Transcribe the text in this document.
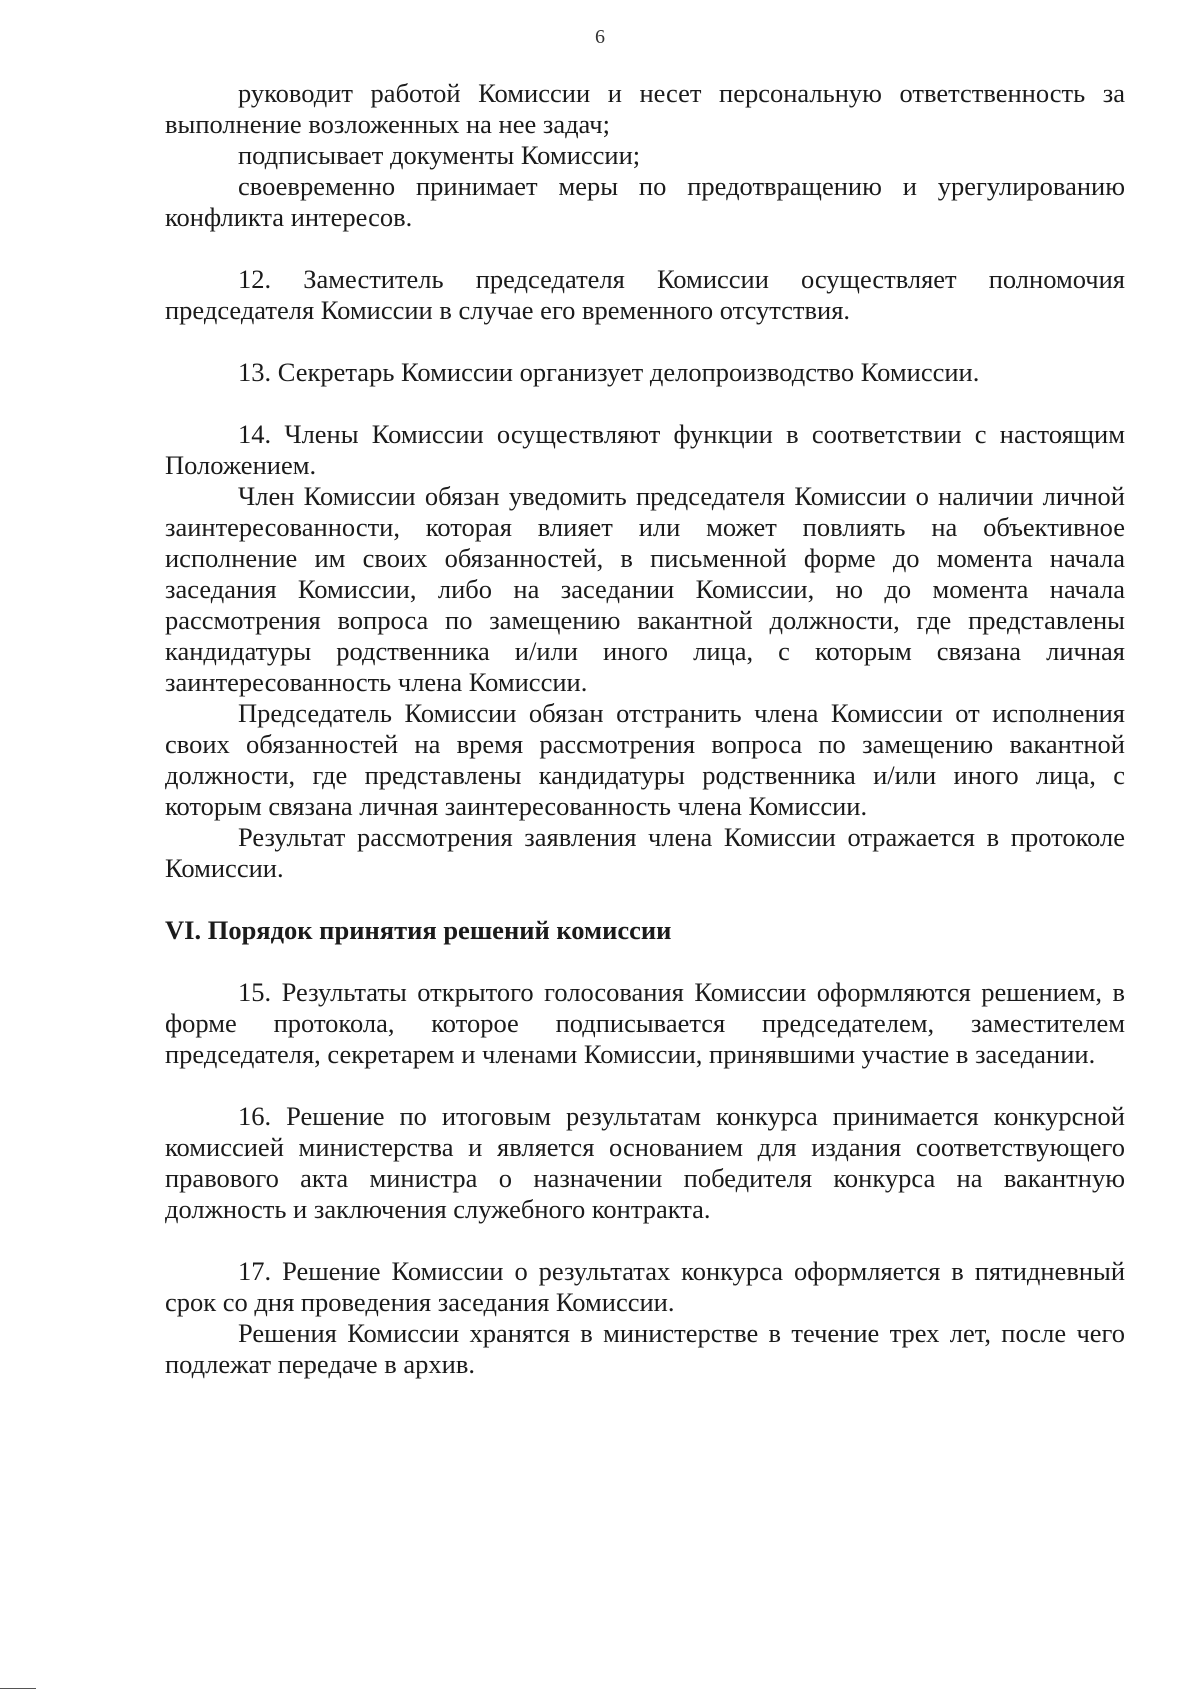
6

руководит работой Комиссии и несет персональную ответственность за выполнение возложенных на нее задач;

подписывает документы Комиссии;

своевременно принимает меры по предотвращению и урегулированию конфликта интересов.

12. Заместитель председателя Комиссии осуществляет полномочия председателя Комиссии в случае его временного отсутствия.

13. Секретарь Комиссии организует делопроизводство Комиссии.

14. Члены Комиссии осуществляют функции в соответствии с настоящим Положением.

Член Комиссии обязан уведомить председателя Комиссии о наличии личной заинтересованности, которая влияет или может повлиять на объективное исполнение им своих обязанностей, в письменной форме до момента начала заседания Комиссии, либо на заседании Комиссии, но до момента начала рассмотрения вопроса по замещению вакантной должности, где представлены кандидатуры родственника и/или иного лица, с которым связана личная заинтересованность члена Комиссии.

Председатель Комиссии обязан отстранить члена Комиссии от исполнения своих обязанностей на время рассмотрения вопроса по замещению вакантной должности, где представлены кандидатуры родственника и/или иного лица, с которым связана личная заинтересованность члена Комиссии.

Результат рассмотрения заявления члена Комиссии отражается в протоколе Комиссии.

VI. Порядок принятия решений комиссии

15. Результаты открытого голосования Комиссии оформляются решением, в форме протокола, которое подписывается председателем, заместителем председателя, секретарем и членами Комиссии, принявшими участие в заседании.

16. Решение по итоговым результатам конкурса принимается конкурсной комиссией министерства и является основанием для издания соответствующего правового акта министра о назначении победителя конкурса на вакантную должность и заключения служебного контракта.

17. Решение Комиссии о результатах конкурса оформляется в пятидневный срок со дня проведения заседания Комиссии.

Решения Комиссии хранятся в министерстве в течение трех лет, после чего подлежат передаче в архив.
